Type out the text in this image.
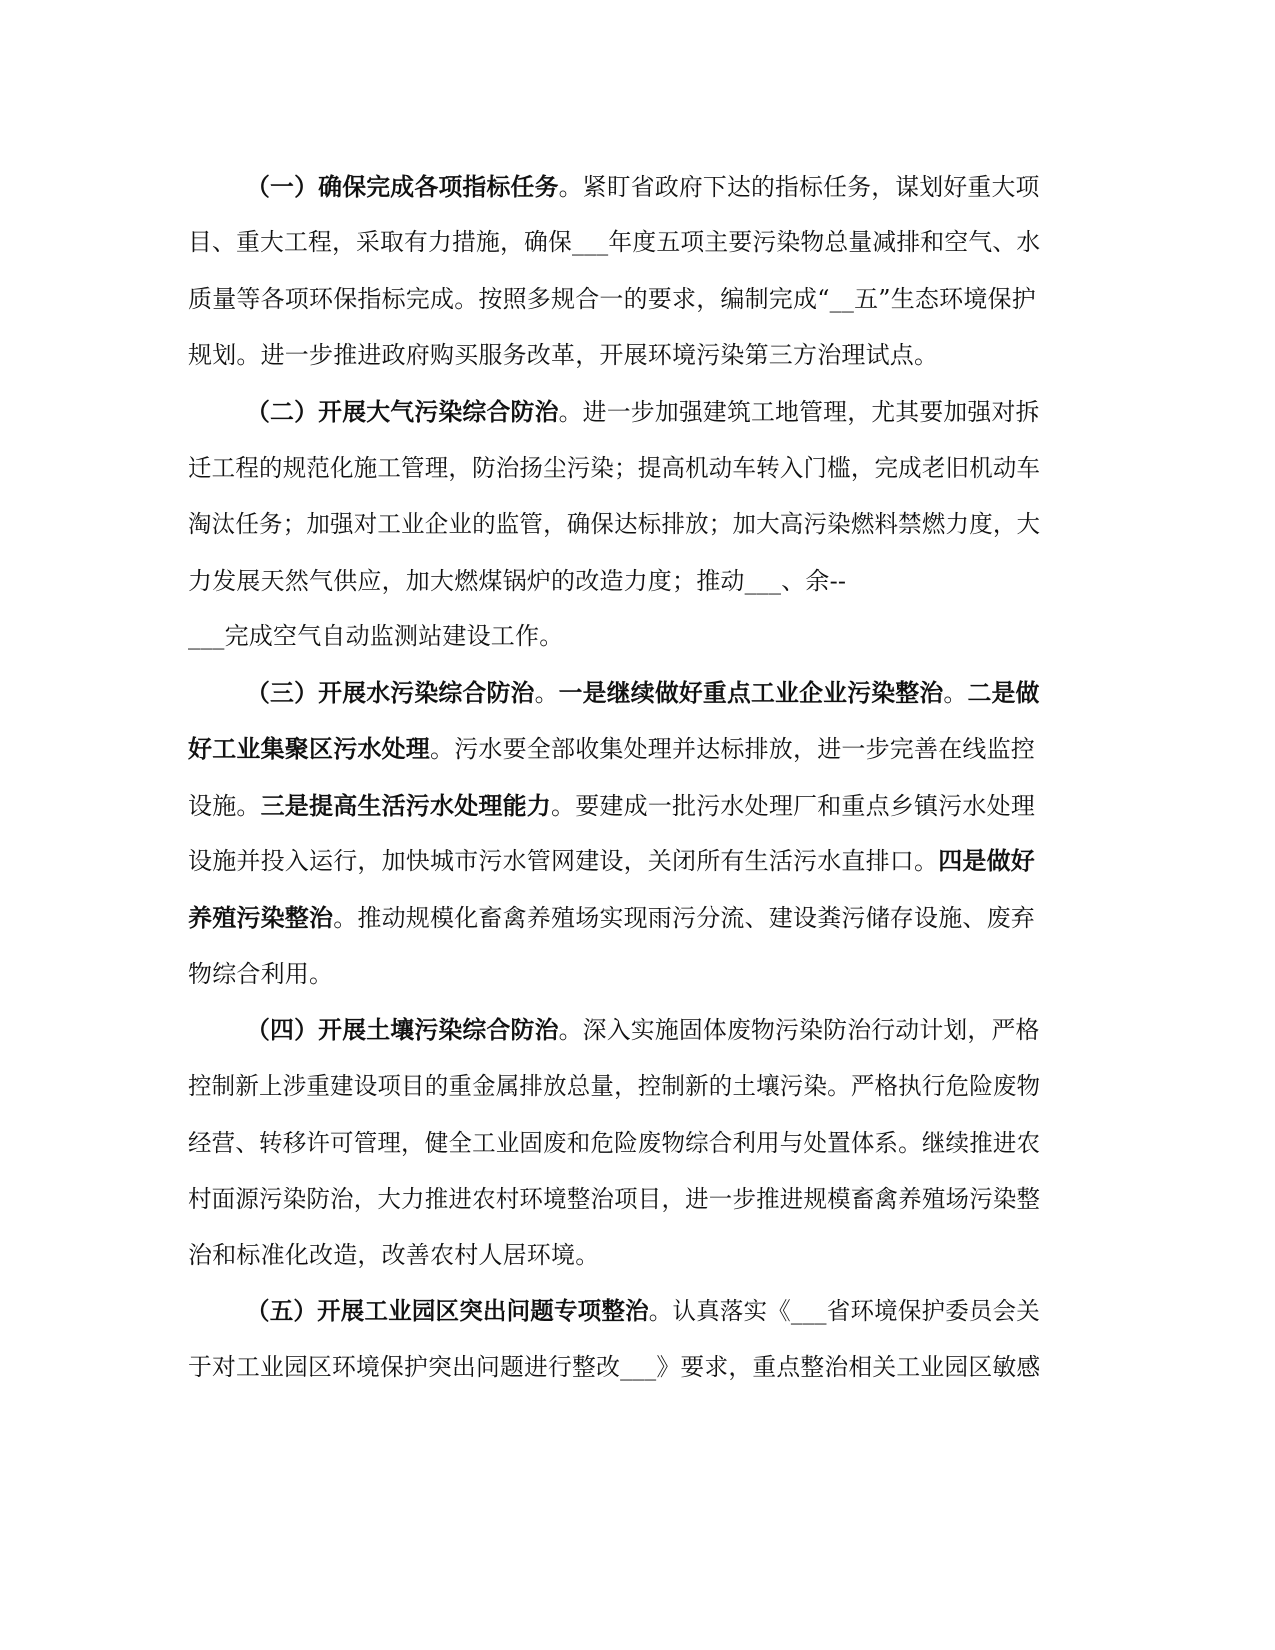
（一）确保完成各项指标任务。紧盯省政府下达的指标任务，谋划好重大项
目、重大工程，采取有力措施，确保___年度五项主要污染物总量减排和空气、水
质量等各项环保指标完成。按照多规合一的要求，编制完成“__五”生态环境保护
规划。进一步推进政府购买服务改革，开展环境污染第三方治理试点。
（二）开展大气污染综合防治。进一步加强建筑工地管理，尤其要加强对拆
迁工程的规范化施工管理，防治扬尘污染；提高机动车转入门槛，完成老旧机动车
淘汰任务；加强对工业企业的监管，确保达标排放；加大高污染燃料禁燃力度，大
力发展天然气供应，加大燃煤锅炉的改造力度；推动___、余--
___完成空气自动监测站建设工作。
（三）开展水污染综合防治。一是继续做好重点工业企业污染整治。二是做
好工业集聚区污水处理。污水要全部收集处理并达标排放，进一步完善在线监控
设施。三是提高生活污水处理能力。要建成一批污水处理厂和重点乡镇污水处理
设施并投入运行，加快城市污水管网建设，关闭所有生活污水直排口。四是做好
养殖污染整治。推动规模化畜禽养殖场实现雨污分流、建设粪污储存设施、废弃
物综合利用。
（四）开展土壤污染综合防治。深入实施固体废物污染防治行动计划，严格
控制新上涉重建设项目的重金属排放总量，控制新的土壤污染。严格执行危险废物
经营、转移许可管理，健全工业固废和危险废物综合利用与处置体系。继续推进农
村面源污染防治，大力推进农村环境整治项目，进一步推进规模畜禽养殖场污染整
治和标准化改造，改善农村人居环境。
（五）开展工业园区突出问题专项整治。认真落实《___省环境保护委员会关
于对工业园区环境保护突出问题进行整改___》要求，重点整治相关工业园区敏感
